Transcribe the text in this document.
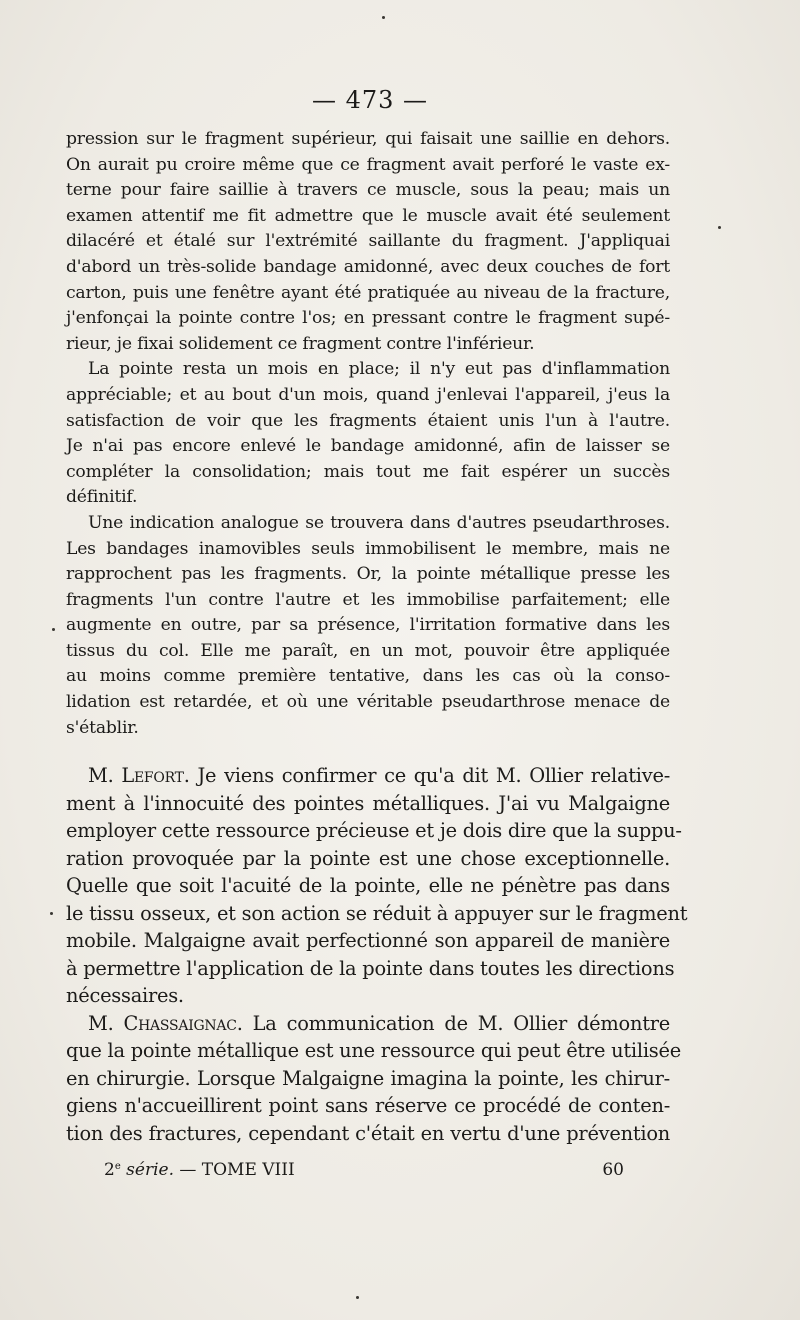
— 473 —
pression sur le fragment supérieur, qui faisait une saillie en dehors.
On aurait pu croire même que ce fragment avait perforé le vaste ex-
terne pour faire saillie à travers ce muscle, sous la peau; mais un
examen attentif me fit admettre que le muscle avait été seulement
dilacéré et étalé sur l'extrémité saillante du fragment. J'appliquai
d'abord un très-solide bandage amidonné, avec deux couches de fort
carton, puis une fenêtre ayant été pratiquée au niveau de la fracture,
j'enfonçai la pointe contre l'os; en pressant contre le fragment supé-
rieur, je fixai solidement ce fragment contre l'inférieur.
La pointe resta un mois en place; il n'y eut pas d'inflammation
appréciable; et au bout d'un mois, quand j'enlevai l'appareil, j'eus la
satisfaction de voir que les fragments étaient unis l'un à l'autre.
Je n'ai pas encore enlevé le bandage amidonné, afin de laisser se
compléter la consolidation; mais tout me fait espérer un succès
définitif.
Une indication analogue se trouvera dans d'autres pseudarthroses.
Les bandages inamovibles seuls immobilisent le membre, mais ne
rapprochent pas les fragments. Or, la pointe métallique presse les
fragments l'un contre l'autre et les immobilise parfaitement; elle
augmente en outre, par sa présence, l'irritation formative dans les
tissus du col. Elle me paraît, en un mot, pouvoir être appliquée
au moins comme première tentative, dans les cas où la conso-
lidation est retardée, et où une véritable pseudarthrose menace de
s'établir.
M. Lefort. Je viens confirmer ce qu'a dit M. Ollier relative-
ment à l'innocuité des pointes métalliques. J'ai vu Malgaigne
employer cette ressource précieuse et je dois dire que la suppu-
ration provoquée par la pointe est une chose exceptionnelle.
Quelle que soit l'acuité de la pointe, elle ne pénètre pas dans
le tissu osseux, et son action se réduit à appuyer sur le fragment
mobile. Malgaigne avait perfectionné son appareil de manière
à permettre l'application de la pointe dans toutes les directions
nécessaires.
M. Chassaignac. La communication de M. Ollier démontre
que la pointe métallique est une ressource qui peut être utilisée
en chirurgie. Lorsque Malgaigne imagina la pointe, les chirur-
giens n'accueillirent point sans réserve ce procédé de conten-
tion des fractures, cependant c'était en vertu d'une prévention
2e série. — TOME VIII	60
